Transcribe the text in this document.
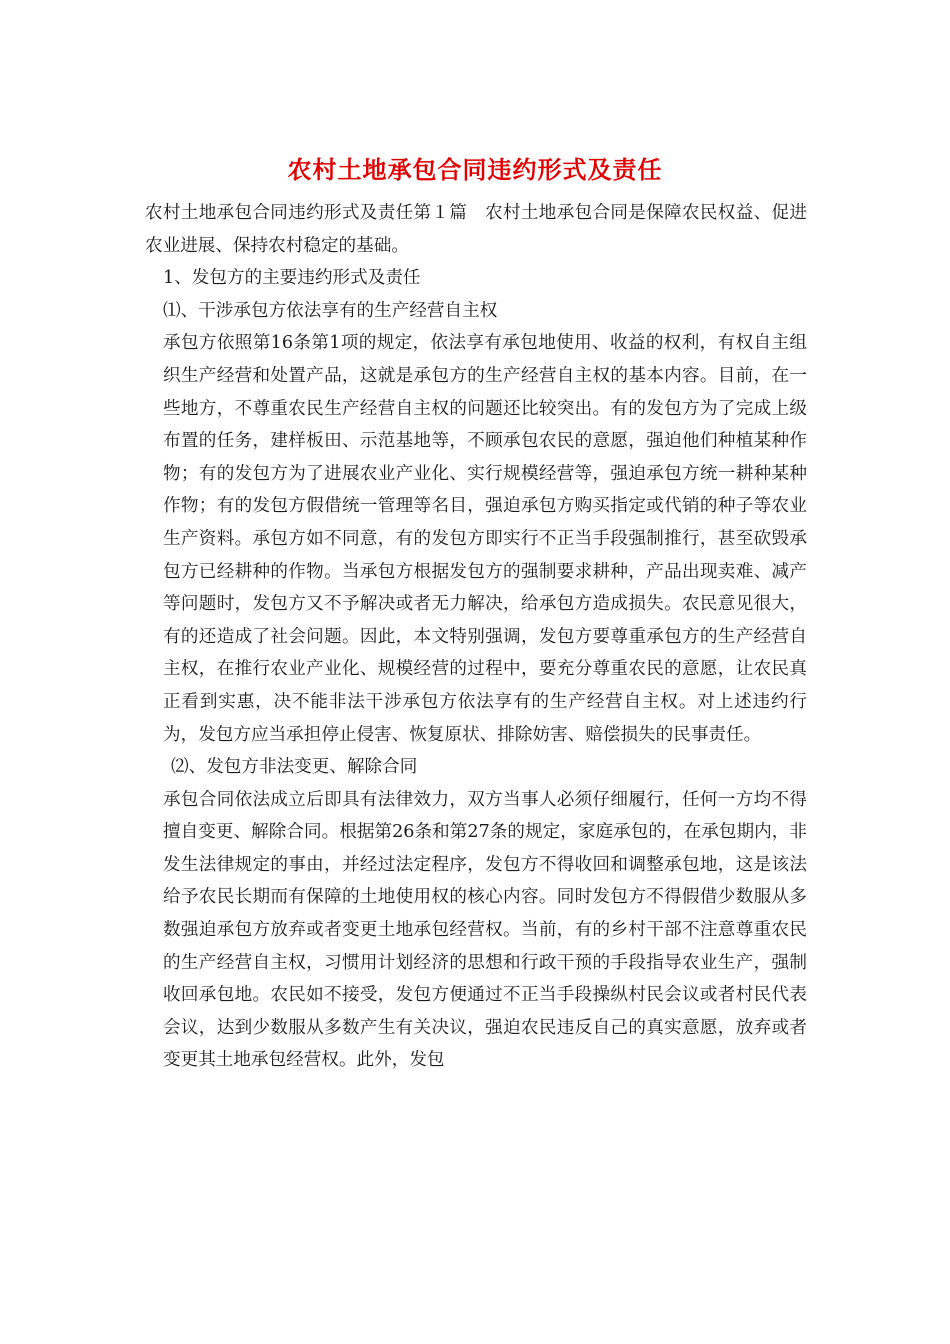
农村土地承包合同违约形式及责任

农村土地承包合同违约形式及责任第１篇　农村土地承包合同是保障农民权益、促进农业进展、保持农村稳定的基础。

1、发包方的主要违约形式及责任

⑴、干涉承包方依法享有的生产经营自主权

承包方依照第16条第1项的规定，依法享有承包地使用、收益的权利，有权自主组织生产经营和处置产品，这就是承包方的生产经营自主权的基本内容。目前，在一些地方，不尊重农民生产经营自主权的问题还比较突出。有的发包方为了完成上级布置的任务，建样板田、示范基地等，不顾承包农民的意愿，强迫他们种植某种作物；有的发包方为了进展农业产业化、实行规模经营等，强迫承包方统一耕种某种作物；有的发包方假借统一管理等名目，强迫承包方购买指定或代销的种子等农业生产资料。承包方如不同意，有的发包方即实行不正当手段强制推行，甚至砍毁承包方已经耕种的作物。当承包方根据发包方的强制要求耕种，产品出现卖难、减产等问题时，发包方又不予解决或者无力解决，给承包方造成损失。农民意见很大，有的还造成了社会问题。因此，本文特别强调，发包方要尊重承包方的生产经营自主权，在推行农业产业化、规模经营的过程中，要充分尊重农民的意愿，让农民真正看到实惠，决不能非法干涉承包方依法享有的生产经营自主权。对上述违约行为，发包方应当承担停止侵害、恢复原状、排除妨害、赔偿损失的民事责任。

⑵、发包方非法变更、解除合同

承包合同依法成立后即具有法律效力，双方当事人必须仔细履行，任何一方均不得擅自变更、解除合同。根据第26条和第27条的规定，家庭承包的，在承包期内，非发生法律规定的事由，并经过法定程序，发包方不得收回和调整承包地，这是该法给予农民长期而有保障的土地使用权的核心内容。同时发包方不得假借少数服从多数强迫承包方放弃或者变更土地承包经营权。当前，有的乡村干部不注意尊重农民的生产经营自主权，习惯用计划经济的思想和行政干预的手段指导农业生产，强制收回承包地。农民如不接受，发包方便通过不正当手段操纵村民会议或者村民代表会议，达到少数服从多数产生有关决议，强迫农民违反自己的真实意愿，放弃或者变更其土地承包经营权。此外，发包
